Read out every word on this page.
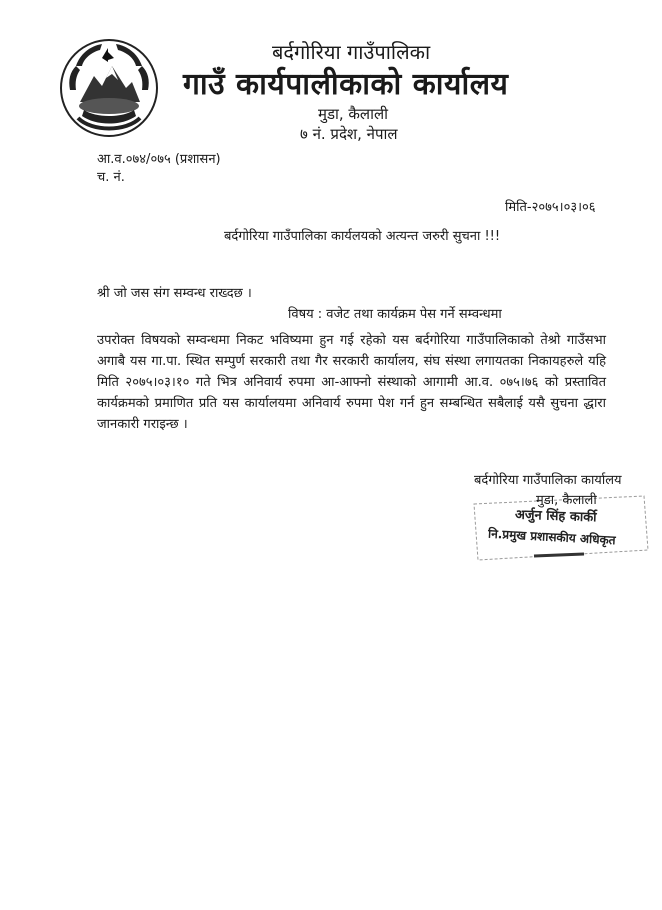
बर्दगोरिया गाउँपालिका
गाउँ कार्यपालीकाको कार्यालय
मुडा, कैलाली
७ नं. प्रदेश, नेपाल
आ.व.०७४/०७५ (प्रशासन)
च. नं.
मिति-२०७५।०३।०६
बर्दगोरिया गाउँपालिका कार्यलयको अत्यन्त जरुरी सुचना !!!
श्री जो जस संग सम्वन्ध राख्दछ ।
विषय : वजेट तथा कार्यक्रम पेस गर्ने सम्वन्धमा
उपरोक्त विषयको सम्वन्धमा निकट भविष्यमा हुन गई रहेको यस बर्दगोरिया गाउँपालिकाको तेश्रो गाउँसभा अगाबै यस गा.पा. स्थित सम्पुर्ण सरकारी तथा गैर सरकारी कार्यालय, संघ संस्था लगायतका निकायहरुले यहि मिति २०७५।०३।१० गते भित्र अनिवार्य रुपमा आ-आफ्नो संस्थाको आगामी आ.व. ०७५।७६ को प्रस्तावित कार्यक्रमको प्रमाणित प्रति यस कार्यालयमा अनिवार्य रुपमा पेश गर्न हुन सम्बन्धित सबैलाई यसै सुचना द्धारा जानकारी गराइन्छ ।
बर्दगोरिया गाउँपालिका कार्यालय
मुडा, कैलाली
अर्जुन सिंह कार्की
नि.प्रमुख प्रशासकीय अधिकृत
